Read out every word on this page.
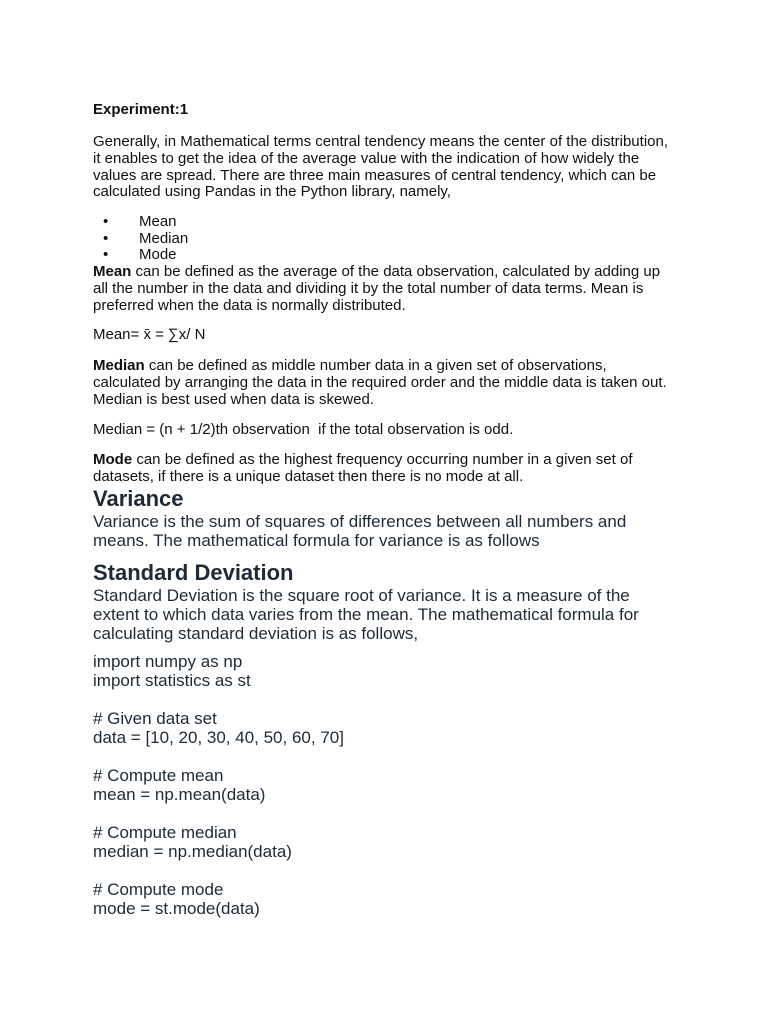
Experiment:1

Generally, in Mathematical terms central tendency means the center of the distribution, it enables to get the idea of the average value with the indication of how widely the values are spread. There are three main measures of central tendency, which can be calculated using Pandas in the Python library, namely,

• Mean
• Median
• Mode

Mean can be defined as the average of the data observation, calculated by adding up all the number in the data and dividing it by the total number of data terms. Mean is preferred when the data is normally distributed.

Mean= x̄ = ∑x/ N

Median can be defined as middle number data in a given set of observations, calculated by arranging the data in the required order and the middle data is taken out. Median is best used when data is skewed.

Median = (n + 1/2)th observation  if the total observation is odd.

Mode can be defined as the highest frequency occurring number in a given set of datasets, if there is a unique dataset then there is no mode at all.

Variance

Variance is the sum of squares of differences between all numbers and means. The mathematical formula for variance is as follows

Standard Deviation

Standard Deviation is the square root of variance. It is a measure of the extent to which data varies from the mean. The mathematical formula for calculating standard deviation is as follows,

import numpy as np
import statistics as st
# Given data set
data = [10, 20, 30, 40, 50, 60, 70]
# Compute mean
mean = np.mean(data)
# Compute median
median = np.median(data)
# Compute mode
mode = st.mode(data)
